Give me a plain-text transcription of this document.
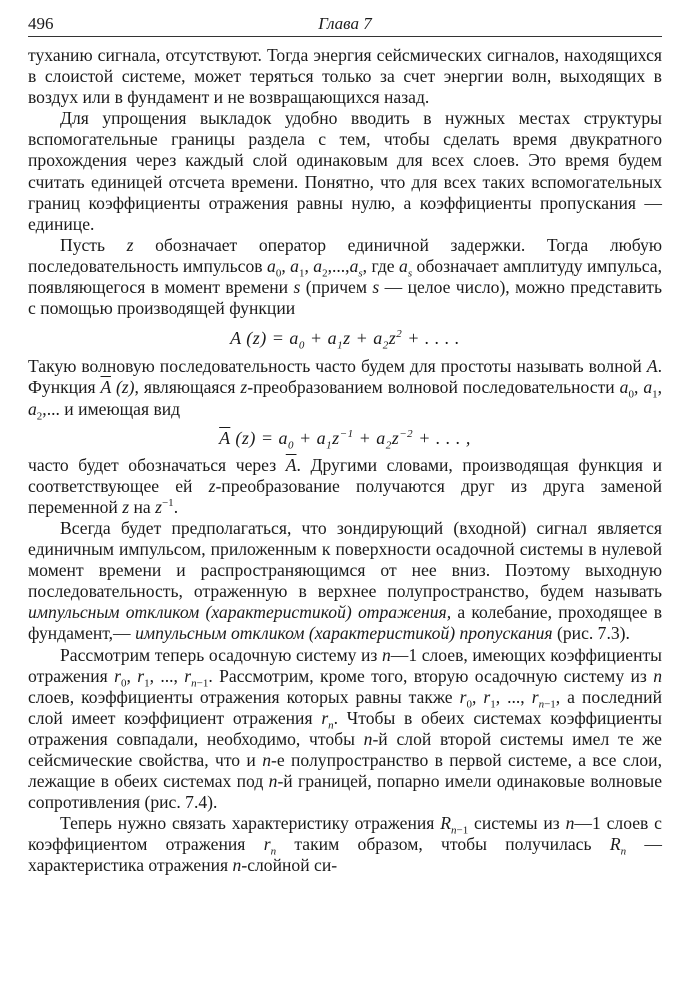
496	Глава 7

туханию сигнала, отсутствуют. Тогда энергия сейсмических сигналов, находящихся в слоистой системе, может теряться только за счет энергии волн, выходящих в воздух или в фундамент и не возвращающихся назад.

Для упрощения выкладок удобно вводить в нужных местах структуры вспомогательные границы раздела с тем, чтобы сделать время двукратного прохождения через каждый слой одинаковым для всех слоев. Это время будем считать единицей отсчета времени. Понятно, что для всех таких вспомогательных границ коэффициенты отражения равны нулю, а коэффициенты пропускания — единице.

Пусть z обозначает оператор единичной задержки. Тогда любую последовательность импульсов $a_0$, $a_1$, $a_2,...,a_s$, где $a_s$ обозначает амплитуду импульса, появляющегося в момент времени s (причем s — целое число), можно представить с помощью производящей функции

A $(z) = a_0 + a_1z + a_2z^2$ + . . . .

Такую волновую последовательность часто будем для простоты называть волной A. Функция $\overline{A}$ (z), являющаяся z-преобразованием волновой последовательности $a_0$, $a_1$, $a_2$,... и имеющая вид

$\overline{A}$ $(z) = a_0 + a_1z^{-1} + a_2z^{-2}$ + . . . ,

часто будет обозначаться через $\overline{A}$. Другими словами, производящая функция и соответствующее ей z-преобразование получаются друг из друга заменой переменной z на $z^{-1}$.

Всегда будет предполагаться, что зондирующий (входной) сигнал является единичным импульсом, приложенным к поверхности осадочной системы в нулевой момент времени и распространяющимся от нее вниз. Поэтому выходную последовательность, отраженную в верхнее полупространство, будем называть импульсным откликом (характеристикой) отражения, а колебание, проходящее в фундамент,— импульсным откликом (характеристикой) пропускания (рис. 7.3).

Рассмотрим теперь осадочную систему из n—1 слоев, имеющих коэффициенты отражения $r_0$, $r_1$, ..., $r_{n-1}$. Рассмотрим, кроме того, вторую осадочную систему из n слоев, коэффициенты отражения которых равны также $r_0$, $r_1$, ..., $r_{n-1}$, а последний слой имеет коэффициент отражения $r_n$. Чтобы в обеих системах коэффициенты отражения совпадали, необходимо, чтобы n-й слой второй системы имел те же сейсмические свойства, что и n-е полупространство в первой системе, а все слои, лежащие в обеих системах под n-й границей, попарно имели одинаковые волновые сопротивления (рис. 7.4).

Теперь нужно связать характеристику отражения $R_{n-1}$ системы из n—1 слоев с коэффициентом отражения $r_n$ таким образом, чтобы получилась $R_n$ — характеристика отражения n-слойной си-
